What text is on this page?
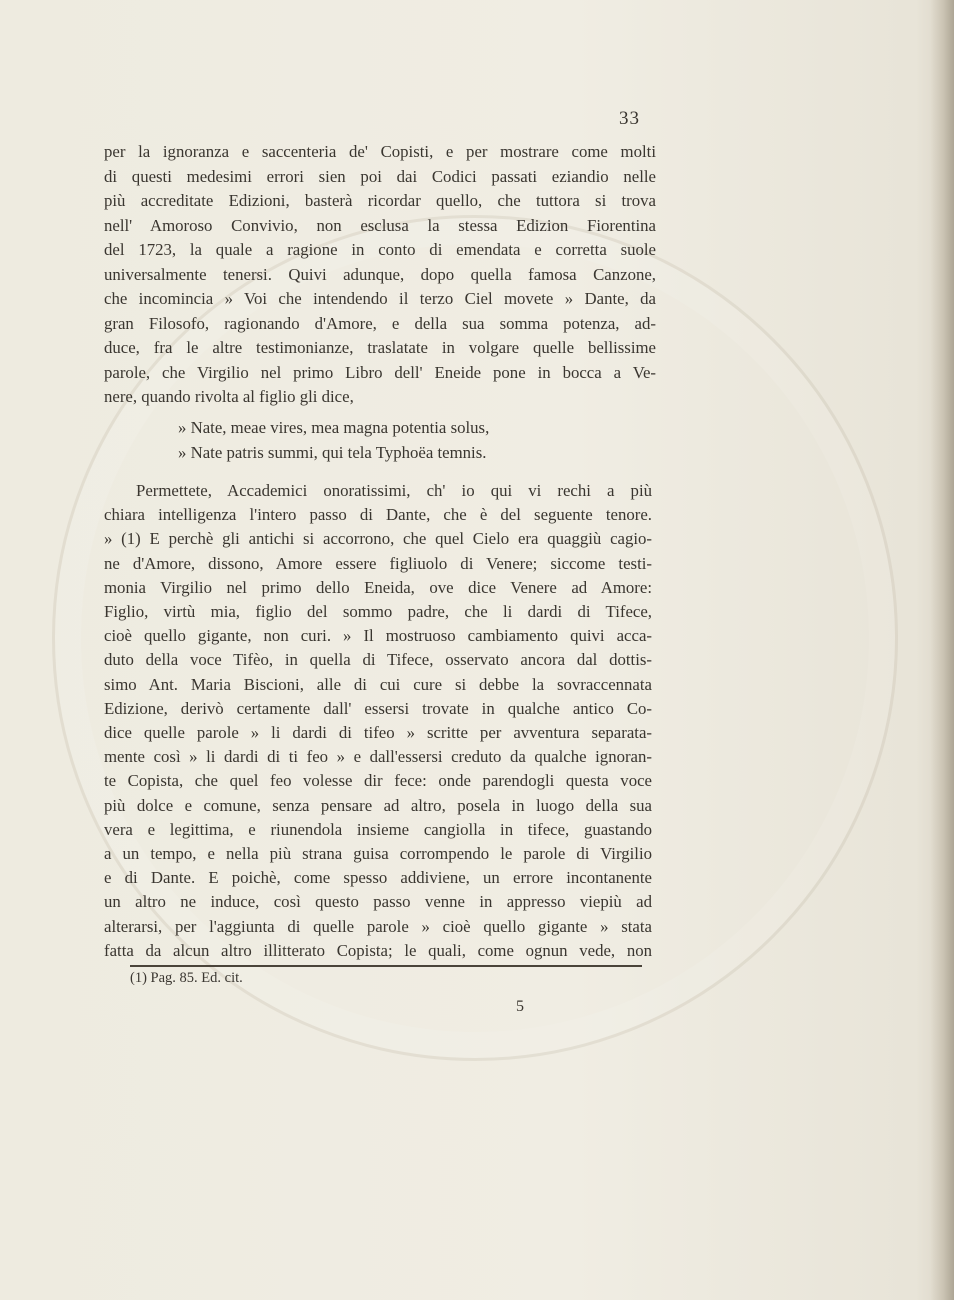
33
per la ignoranza e saccenteria de' Copisti, e per mostrare come molti
di questi medesimi errori sien poi dai Codici passati eziandio nelle
più accreditate Edizioni, basterà ricordar quello, che tuttora si trova
nell' Amoroso Convivio, non esclusa la stessa Edizion Fiorentina
del 1723, la quale a ragione in conto di emendata e corretta suole
universalmente tenersi. Quivi adunque, dopo quella famosa Canzone,
che incomincia » Voi che intendendo il terzo Ciel movete » Dante, da
gran Filosofo, ragionando d'Amore, e della sua somma potenza, ad-
duce, fra le altre testimonianze, traslatate in volgare quelle bellissime
parole, che Virgilio nel primo Libro dell' Eneide pone in bocca a Ve-
nere, quando rivolta al figlio gli dice,
» Nate, meae vires, mea magna potentia solus,
» Nate patris summi, qui tela Typhoëa temnis.
Permettete, Accademici onoratissimi, ch' io qui vi rechi a più
chiara intelligenza l'intero passo di Dante, che è del seguente tenore.
» (1) E perchè gli antichi si accorrono, che quel Cielo era quaggiù cagio-
ne d'Amore, dissono, Amore essere figliuolo di Venere; siccome testi-
monia Virgilio nel primo dello Eneida, ove dice Venere ad Amore:
Figlio, virtù mia, figlio del sommo padre, che li dardi di Tifece,
cioè quello gigante, non curi. » Il mostruoso cambiamento quivi acca-
duto della voce Tifèo, in quella di Tifece, osservato ancora dal dottis-
simo Ant. Maria Biscioni, alle di cui cure si debbe la sovraccennata
Edizione, derivò certamente dall' essersi trovate in qualche antico Co-
dice quelle parole » li dardi di tifeo » scritte per avventura separata-
mente così » li dardi di ti feo » e dall'essersi creduto da qualche ignoran-
te Copista, che quel feo volesse dir fece: onde parendogli questa voce
più dolce e comune, senza pensare ad altro, posela in luogo della sua
vera e legittima, e riunendola insieme cangiolla in tifece, guastando
a un tempo, e nella più strana guisa corrompendo le parole di Virgilio
e di Dante. E poichè, come spesso addiviene, un errore incontanente
un altro ne induce, così questo passo venne in appresso viepiù ad
alterarsi, per l'aggiunta di quelle parole » cioè quello gigante » stata
fatta da alcun altro illitterato Copista; le quali, come ognun vede, non
(1) Pag. 85. Ed. cit.
5
